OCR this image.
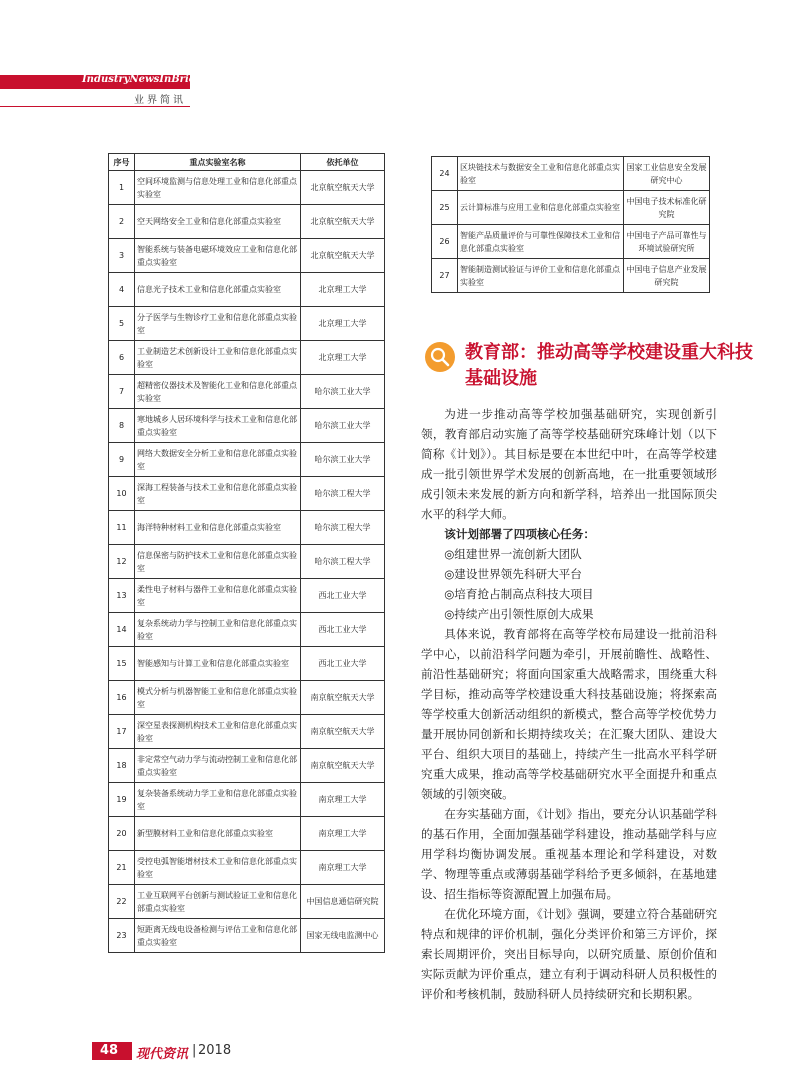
IndustryNewsInBrief
业界简讯
序号	重点实验室名称	依托单位
1	空间环境监测与信息处理工业和信息化部重点实验室	北京航空航天大学
2	空天网络安全工业和信息化部重点实验室	北京航空航天大学
3	智能系统与装备电磁环境效应工业和信息化部重点实验室	北京航空航天大学
4	信息光子技术工业和信息化部重点实验室	北京理工大学
5	分子医学与生物诊疗工业和信息化部重点实验室	北京理工大学
6	工业制造艺术创新设计工业和信息化部重点实验室	北京理工大学
7	超精密仪器技术及智能化工业和信息化部重点实验室	哈尔滨工业大学
8	寒地城乡人居环境科学与技术工业和信息化部重点实验室	哈尔滨工业大学
9	网络大数据安全分析工业和信息化部重点实验室	哈尔滨工业大学
10	深海工程装备与技术工业和信息化部重点实验室	哈尔滨工程大学
11	海洋特种材料工业和信息化部重点实验室	哈尔滨工程大学
12	信息保密与防护技术工业和信息化部重点实验室	哈尔滨工程大学
13	柔性电子材料与器件工业和信息化部重点实验室	西北工业大学
14	复杂系统动力学与控制工业和信息化部重点实验室	西北工业大学
15	智能感知与计算工业和信息化部重点实验室	西北工业大学
16	模式分析与机器智能工业和信息化部重点实验室	南京航空航天大学
17	深空星表探测机构技术工业和信息化部重点实验室	南京航空航天大学
18	非定常空气动力学与流动控制工业和信息化部重点实验室	南京航空航天大学
19	复杂装备系统动力学工业和信息化部重点实验室	南京理工大学
20	新型膜材料工业和信息化部重点实验室	南京理工大学
21	受控电弧智能增材技术工业和信息化部重点实验室	南京理工大学
22	工业互联网平台创新与测试验证工业和信息化部重点实验室	中国信息通信研究院
23	短距离无线电设备检测与评估工业和信息化部重点实验室	国家无线电监测中心
24	区块链技术与数据安全工业和信息化部重点实验室	国家工业信息安全发展研究中心
25	云计算标准与应用工业和信息化部重点实验室	中国电子技术标准化研究院
26	智能产品质量评价与可靠性保障技术工业和信息化部重点实验室	中国电子产品可靠性与环境试验研究所
27	智能制造测试验证与评价工业和信息化部重点实验室	中国电子信息产业发展研究院
教育部：推动高等学校建设重大科技基础设施

为进一步推动高等学校加强基础研究，实现创新引领，教育部启动实施了高等学校基础研究珠峰计划（以下简称《计划》）。其目标是要在本世纪中叶，在高等学校建成一批引领世界学术发展的创新高地，在一批重要领域形成引领未来发展的新方向和新学科，培养出一批国际顶尖水平的科学大师。

该计划部署了四项核心任务：

◎组建世界一流创新大团队

◎建设世界领先科研大平台

◎培育抢占制高点科技大项目

◎持续产出引领性原创大成果

具体来说，教育部将在高等学校布局建设一批前沿科学中心，以前沿科学问题为牵引，开展前瞻性、战略性、前沿性基础研究；将面向国家重大战略需求，围绕重大科学目标，推动高等学校建设重大科技基础设施；将探索高等学校重大创新活动组织的新模式，整合高等学校优势力量开展协同创新和长期持续攻关；在汇聚大团队、建设大平台、组织大项目的基础上，持续产生一批高水平科学研究重大成果，推动高等学校基础研究水平全面提升和重点领域的引领突破。

在夯实基础方面，《计划》指出，要充分认识基础学科的基石作用，全面加强基础学科建设，推动基础学科与应用学科均衡协调发展。重视基本理论和学科建设，对数学、物理等重点或薄弱基础学科给予更多倾斜，在基地建设、招生指标等资源配置上加强布局。

在优化环境方面，《计划》强调，要建立符合基础研究特点和规律的评价机制，强化分类评价和第三方评价，探索长周期评价，突出目标导向，以研究质量、原创价值和实际贡献为评价重点，建立有利于调动科研人员积极性的评价和考核机制，鼓励科研人员持续研究和长期积累。

48	现代资讯 | 2018
